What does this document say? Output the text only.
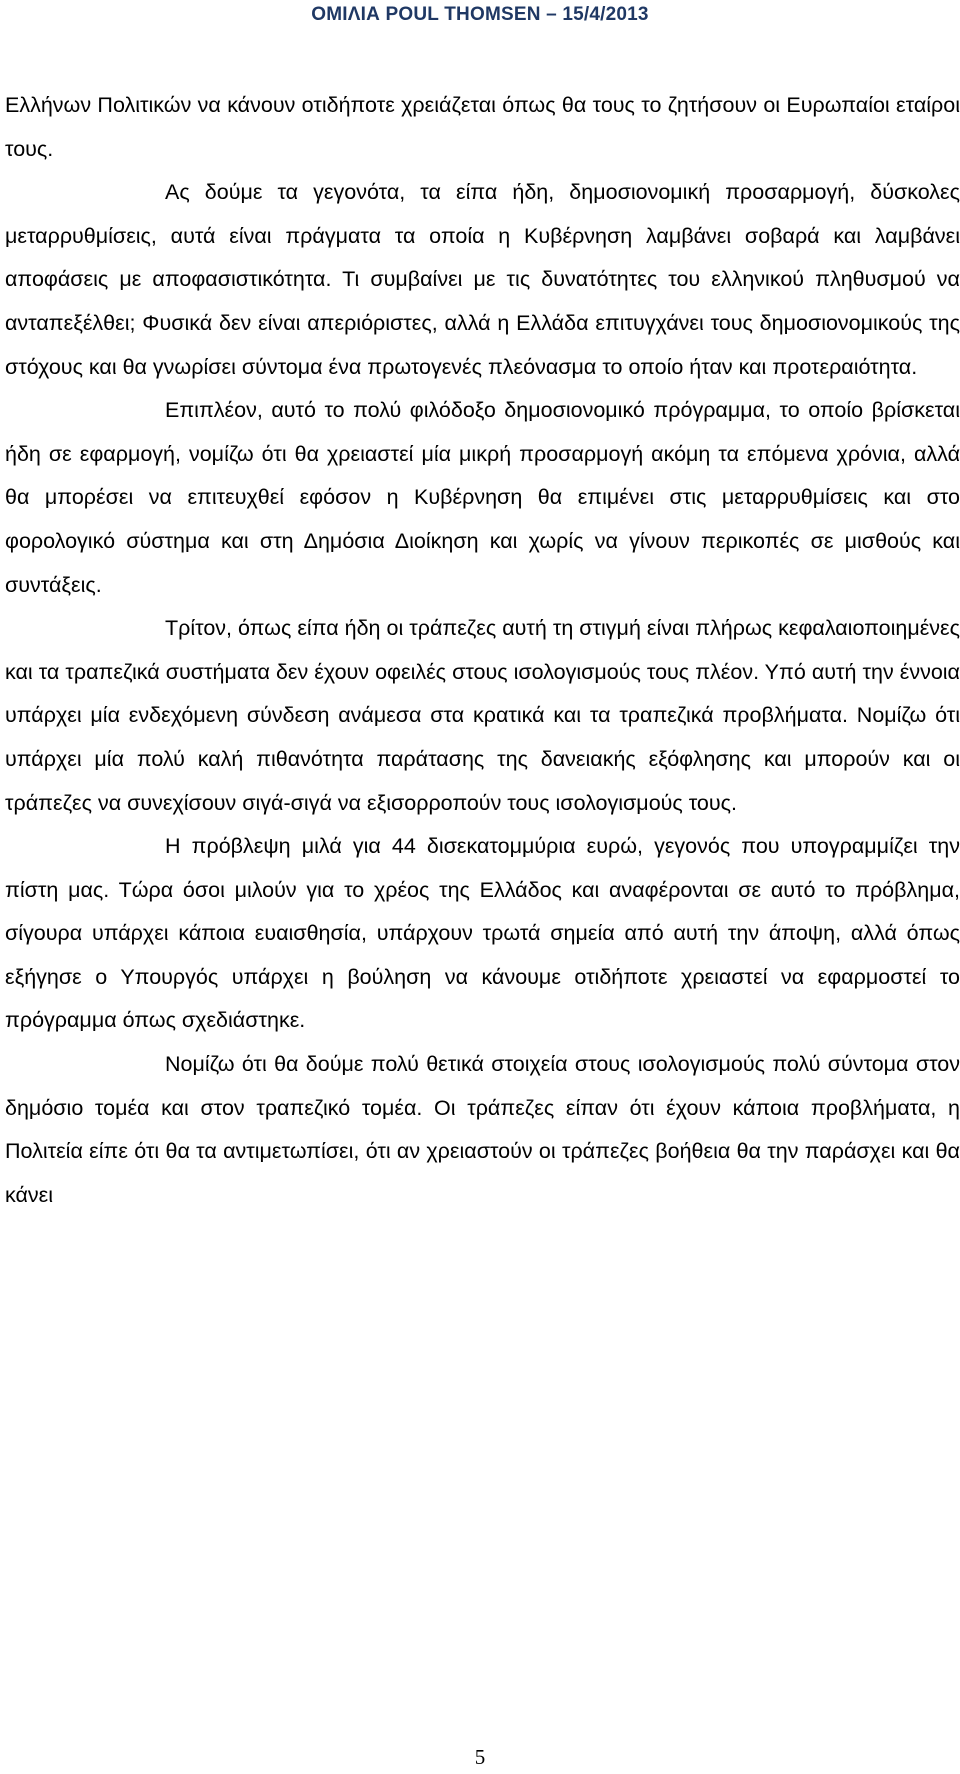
ΟΜΙΛΙΑ POUL THOMSEN – 15/4/2013

Ελλήνων Πολιτικών να κάνουν οτιδήποτε χρειάζεται όπως θα τους το ζητήσουν οι Ευρωπαίοι εταίροι τους.

Ας δούμε τα γεγονότα, τα είπα ήδη, δημοσιονομική προσαρμογή, δύσκολες μεταρρυθμίσεις, αυτά είναι πράγματα τα οποία η Κυβέρνηση λαμβάνει σοβαρά και λαμβάνει αποφάσεις με αποφασιστικότητα. Τι συμβαίνει με τις δυνατότητες του ελληνικού πληθυσμού να ανταπεξέλθει; Φυσικά δεν είναι απεριόριστες, αλλά η Ελλάδα επιτυγχάνει τους δημοσιονομικούς της στόχους και θα γνωρίσει σύντομα ένα πρωτογενές πλεόνασμα το οποίο ήταν και προτεραιότητα.

Επιπλέον, αυτό το πολύ φιλόδοξο δημοσιονομικό πρόγραμμα, το οποίο βρίσκεται ήδη σε εφαρμογή, νομίζω ότι θα χρειαστεί μία μικρή προσαρμογή ακόμη τα επόμενα χρόνια, αλλά θα μπορέσει να επιτευχθεί εφόσον η Κυβέρνηση θα επιμένει στις μεταρρυθμίσεις και στο φορολογικό σύστημα και στη Δημόσια Διοίκηση και χωρίς να γίνουν περικοπές σε μισθούς και συντάξεις.

Τρίτον, όπως είπα ήδη οι τράπεζες αυτή τη στιγμή είναι πλήρως κεφαλαιοποιημένες και τα τραπεζικά συστήματα δεν έχουν οφειλές στους ισολογισμούς τους πλέον. Υπό αυτή την έννοια υπάρχει μία ενδεχόμενη σύνδεση ανάμεσα στα κρατικά και τα τραπεζικά προβλήματα. Νομίζω ότι υπάρχει μία πολύ καλή πιθανότητα παράτασης της δανειακής εξόφλησης και μπορούν και οι τράπεζες να συνεχίσουν σιγά-σιγά να εξισορροπούν τους ισολογισμούς τους.

Η πρόβλεψη μιλά για 44 δισεκατομμύρια ευρώ, γεγονός που υπογραμμίζει την πίστη μας. Τώρα όσοι μιλούν για το χρέος της Ελλάδος και αναφέρονται σε αυτό το πρόβλημα, σίγουρα υπάρχει κάποια ευαισθησία, υπάρχουν τρωτά σημεία από αυτή την άποψη, αλλά όπως εξήγησε ο Υπουργός υπάρχει η βούληση να κάνουμε οτιδήποτε χρειαστεί να εφαρμοστεί το πρόγραμμα όπως σχεδιάστηκε.

Νομίζω ότι θα δούμε πολύ θετικά στοιχεία στους ισολογισμούς πολύ σύντομα στον δημόσιο τομέα και στον τραπεζικό τομέα. Οι τράπεζες είπαν ότι έχουν κάποια προβλήματα, η Πολιτεία είπε ότι θα τα αντιμετωπίσει, ότι αν χρειαστούν οι τράπεζες βοήθεια θα την παράσχει και θα κάνει

5
